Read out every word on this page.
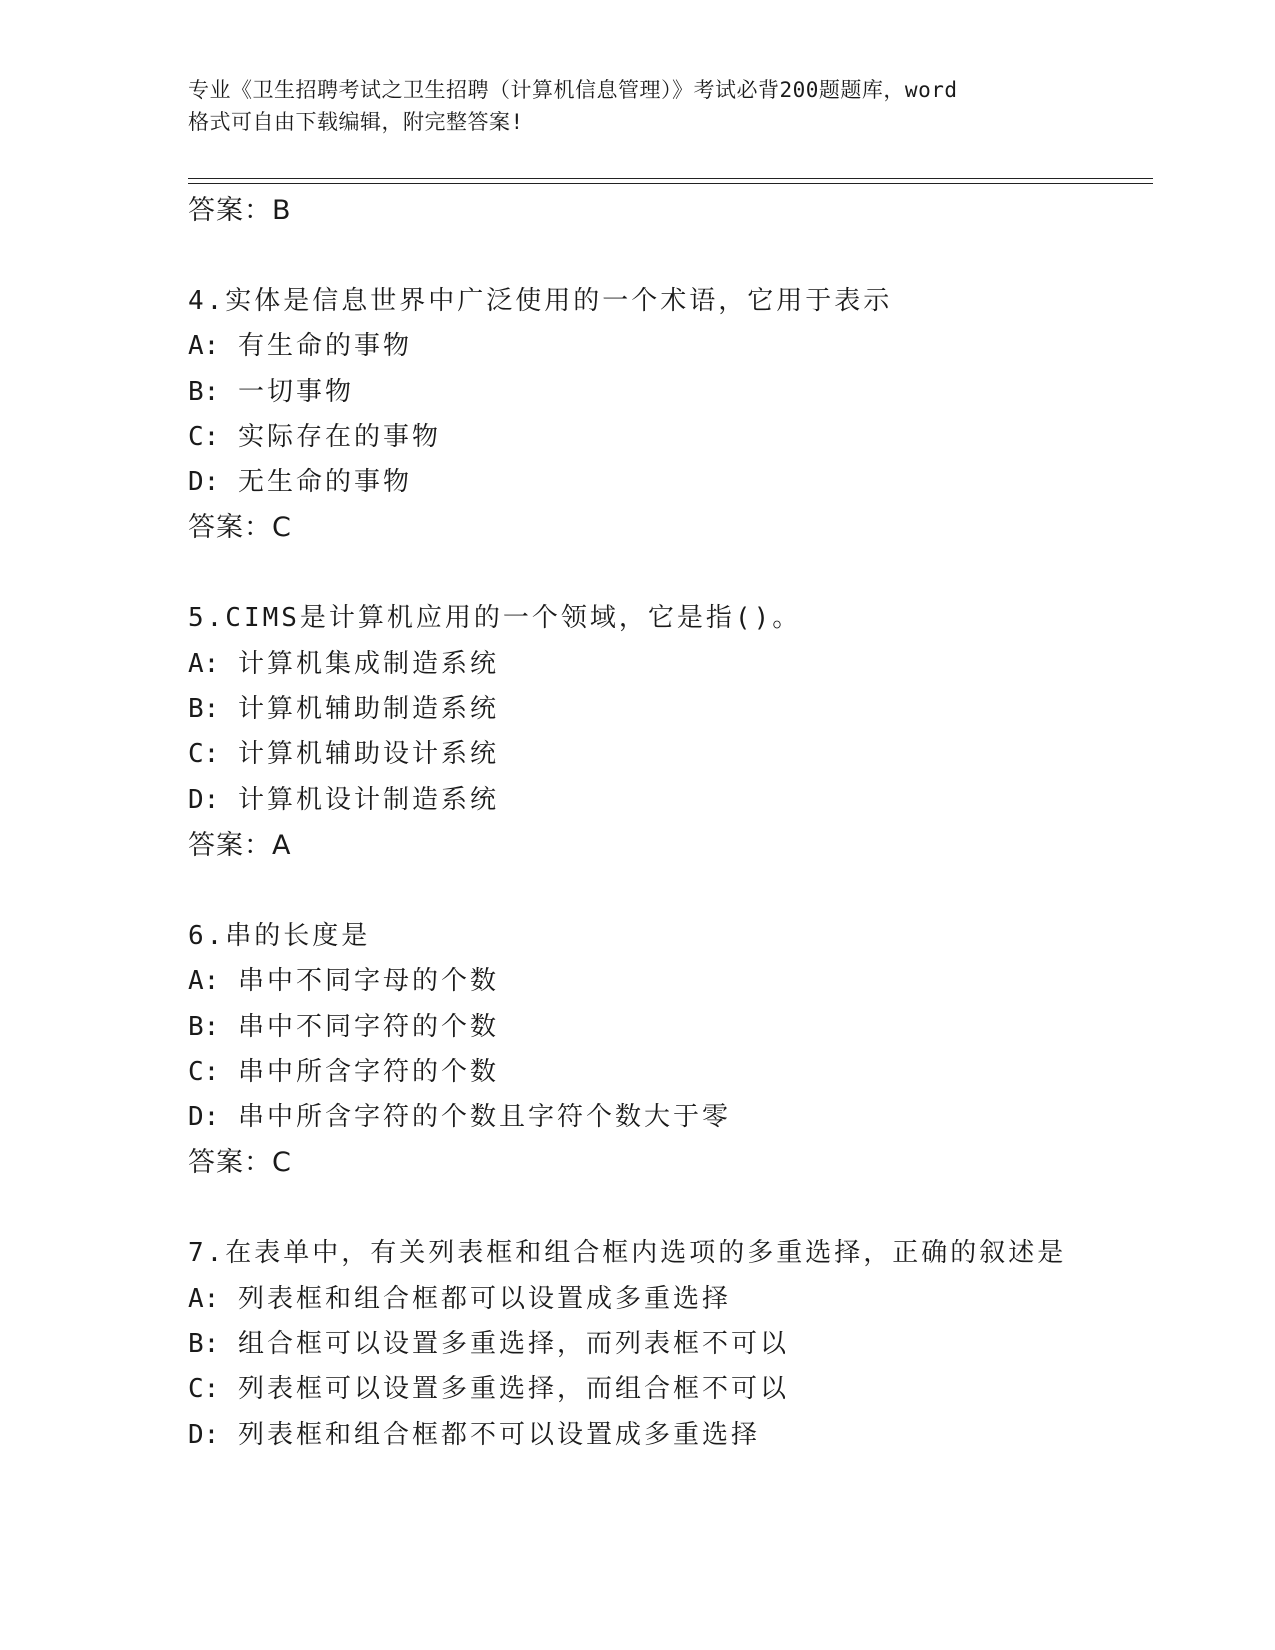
专业《卫生招聘考试之卫生招聘（计算机信息管理）》考试必背200题题库，word
格式可自由下载编辑，附完整答案!
答案：B
4.实体是信息世界中广泛使用的一个术语，它用于表示
A: 有生命的事物
B: 一切事物
C: 实际存在的事物
D: 无生命的事物
答案：C
5.CIMS是计算机应用的一个领域，它是指()。
A: 计算机集成制造系统
B: 计算机辅助制造系统
C: 计算机辅助设计系统
D: 计算机设计制造系统
答案：A
6.串的长度是
A: 串中不同字母的个数
B: 串中不同字符的个数
C: 串中所含字符的个数
D: 串中所含字符的个数且字符个数大于零
答案：C
7.在表单中，有关列表框和组合框内选项的多重选择，正确的叙述是
A: 列表框和组合框都可以设置成多重选择
B: 组合框可以设置多重选择，而列表框不可以
C: 列表框可以设置多重选择，而组合框不可以
D: 列表框和组合框都不可以设置成多重选择
